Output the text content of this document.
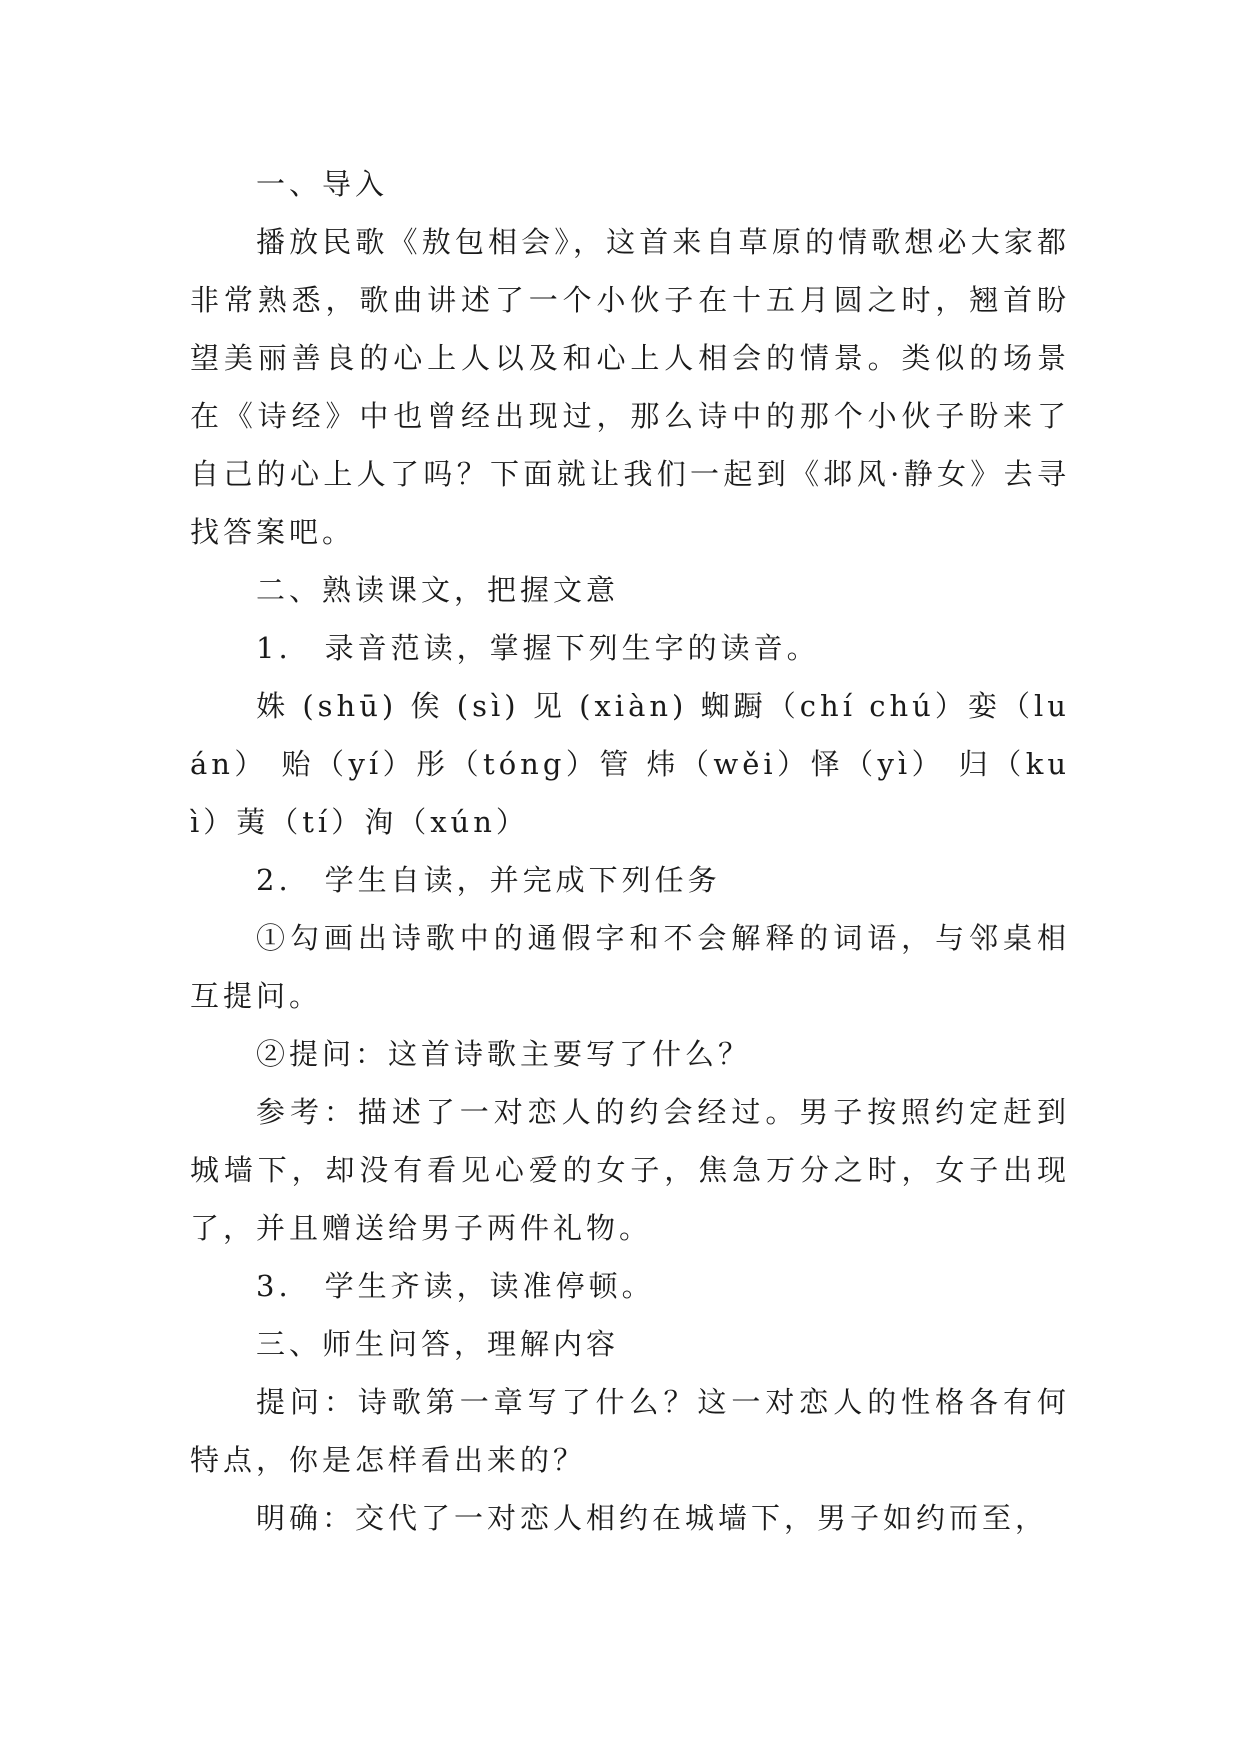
一、导入

播放民歌《敖包相会》，这首来自草原的情歌想必大家都非常熟悉，歌曲讲述了一个小伙子在十五月圆之时，翘首盼望美丽善良的心上人以及和心上人相会的情景。类似的场景在《诗经》中也曾经出现过，那么诗中的那个小伙子盼来了自己的心上人了吗？下面就让我们一起到《邶风·静女》去寻找答案吧。

二、熟读课文，把握文意

1.　录音范读，掌握下列生字的读音。

姝 (shū) 俟 (sì) 见 (xiàn) 蜘蹰（chí chú）娈（luán） 贻（yí）彤（tóng）管 炜（wěi）怿（yì） 归（kuì）荑（tí）洵（xún）

2.　学生自读，并完成下列任务

①勾画出诗歌中的通假字和不会解释的词语，与邻桌相互提问。

②提问：这首诗歌主要写了什么？

参考：描述了一对恋人的约会经过。男子按照约定赶到城墙下，却没有看见心爱的女子，焦急万分之时，女子出现了，并且赠送给男子两件礼物。

3.　学生齐读，读准停顿。

三、师生问答，理解内容

提问：诗歌第一章写了什么？这一对恋人的性格各有何特点，你是怎样看出来的？

明确：交代了一对恋人相约在城墙下，男子如约而至，
